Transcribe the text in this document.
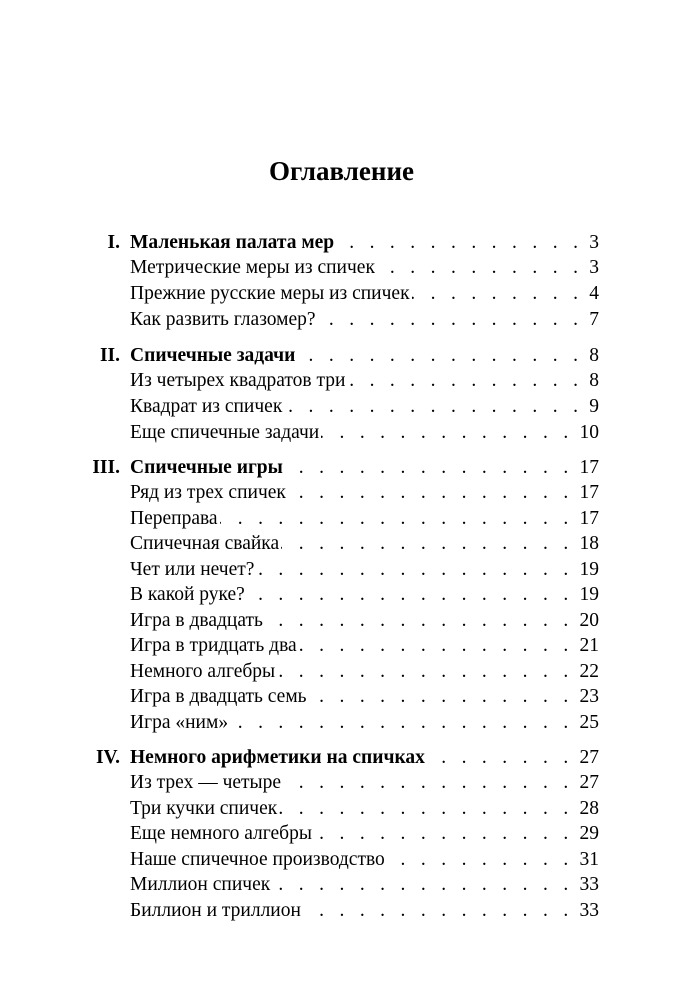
Оглавление
I. Маленькая палата мер . . .	3
Метрические меры из спичек . . .	3
Прежние русские меры из спичек . . .	4
Как развить глазомер? . . .	7
II. Спичечные задачи . . .	8
Из четырех квадратов три . . .	8
Квадрат из спичек . . .	9
Еще спичечные задачи . . .	10
III. Спичечные игры . . .	17
Ряд из трех спичек . . .	17
Переправа . . .	17
Спичечная свайка . . .	18
Чет или нечет? . . .	19
В какой руке? . . .	19
Игра в двадцать . . .	20
Игра в тридцать два . . .	21
Немного алгебры . . .	22
Игра в двадцать семь . . .	23
Игра «ним» . . .	25
IV. Немного арифметики на спичках . . .	27
Из трех — четыре . . .	27
Три кучки спичек . . .	28
Еще немного алгебры . . .	29
Наше спичечное производство . . .	31
Миллион спичек . . .	33
Биллион и триллион . . .	33
